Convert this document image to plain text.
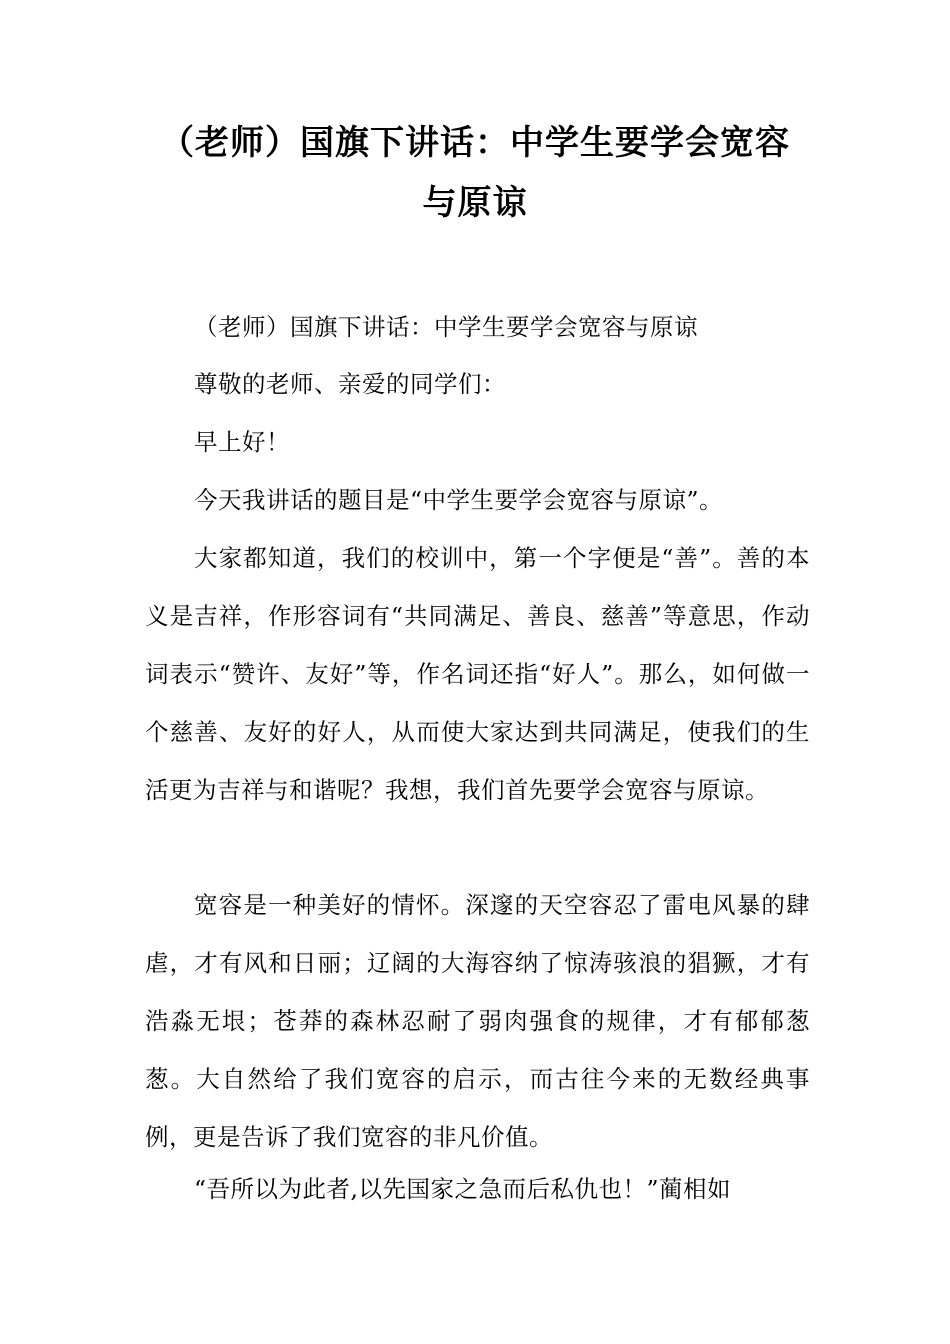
（老师）国旗下讲话：中学生要学会宽容
与原谅

（老师）国旗下讲话：中学生要学会宽容与原谅

尊敬的老师、亲爱的同学们：

早上好！

今天我讲话的题目是“中学生要学会宽容与原谅”。

大家都知道，我们的校训中，第一个字便是“善”。善的本义是吉祥，作形容词有“共同满足、善良、慈善”等意思，作动词表示“赞许、友好”等，作名词还指“好人”。那么，如何做一个慈善、友好的好人，从而使大家达到共同满足，使我们的生活更为吉祥与和谐呢？我想，我们首先要学会宽容与原谅。

宽容是一种美好的情怀。深邃的天空容忍了雷电风暴的肆虐，才有风和日丽；辽阔的大海容纳了惊涛骇浪的猖獗，才有浩淼无垠；苍莽的森林忍耐了弱肉强食的规律，才有郁郁葱葱。大自然给了我们宽容的启示，而古往今来的无数经典事例，更是告诉了我们宽容的非凡价值。

“吾所以为此者,以先国家之急而后私仇也！”蔺相如
